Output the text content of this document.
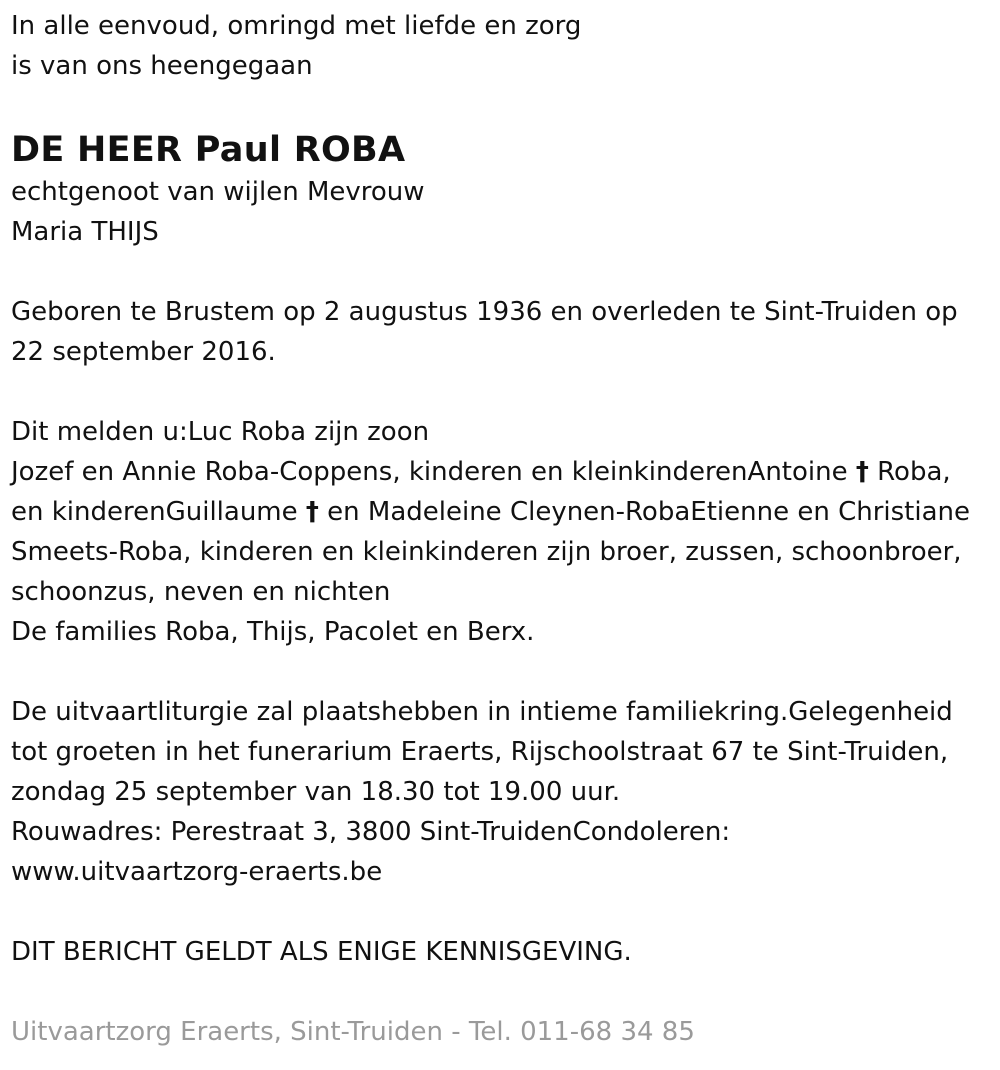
In alle eenvoud, omringd met liefde en zorg
is van ons heengegaan

DE HEER Paul ROBA

echtgenoot van wijlen Mevrouw
Maria THIJS

Geboren te Brustem op 2 augustus 1936 en overleden te Sint-Truiden op
22 september 2016.

Dit melden u:Luc Roba zijn zoon
Jozef en Annie Roba-Coppens, kinderen en kleinkinderenAntoine † Roba,
en kinderenGuillaume † en Madeleine Cleynen-RobaEtienne en Christiane
Smeets-Roba, kinderen en kleinkinderen zijn broer, zussen, schoonbroer,
schoonzus, neven en nichten
De families Roba, Thijs, Pacolet en Berx.

De uitvaartliturgie zal plaatshebben in intieme familiekring.Gelegenheid
tot groeten in het funerarium Eraerts, Rijschoolstraat 67 te Sint-Truiden,
zondag 25 september van 18.30 tot 19.00 uur.
Rouwadres: Perestraat 3, 3800 Sint-TruidenCondoleren:
www.uitvaartzorg-eraerts.be

DIT BERICHT GELDT ALS ENIGE KENNISGEVING.

Uitvaartzorg Eraerts, Sint-Truiden - Tel. 011-68 34 85
